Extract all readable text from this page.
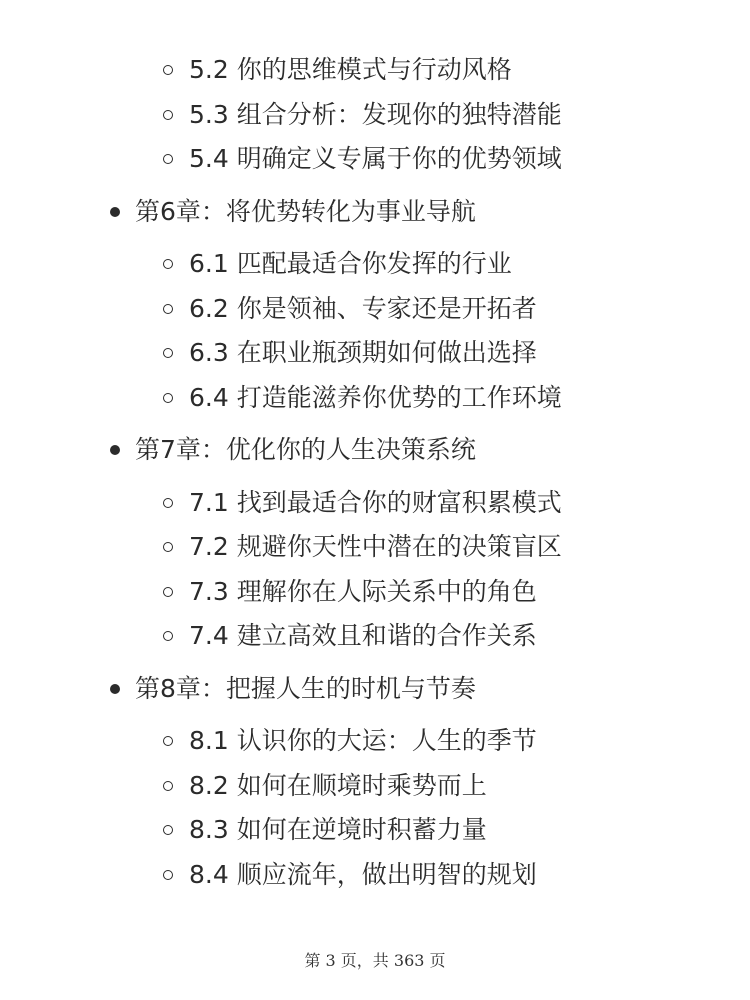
5.2 你的思维模式与行动风格
5.3 组合分析：发现你的独特潜能
5.4 明确定义专属于你的优势领域
第6章：将优势转化为事业导航
6.1 匹配最适合你发挥的行业
6.2 你是领袖、专家还是开拓者
6.3 在职业瓶颈期如何做出选择
6.4 打造能滋养你优势的工作环境
第7章：优化你的人生决策系统
7.1 找到最适合你的财富积累模式
7.2 规避你天性中潜在的决策盲区
7.3 理解你在人际关系中的角色
7.4 建立高效且和谐的合作关系
第8章：把握人生的时机与节奏
8.1 认识你的大运：人生的季节
8.2 如何在顺境时乘势而上
8.3 如何在逆境时积蓄力量
8.4 顺应流年，做出明智的规划
第 3 页，共 363 页
